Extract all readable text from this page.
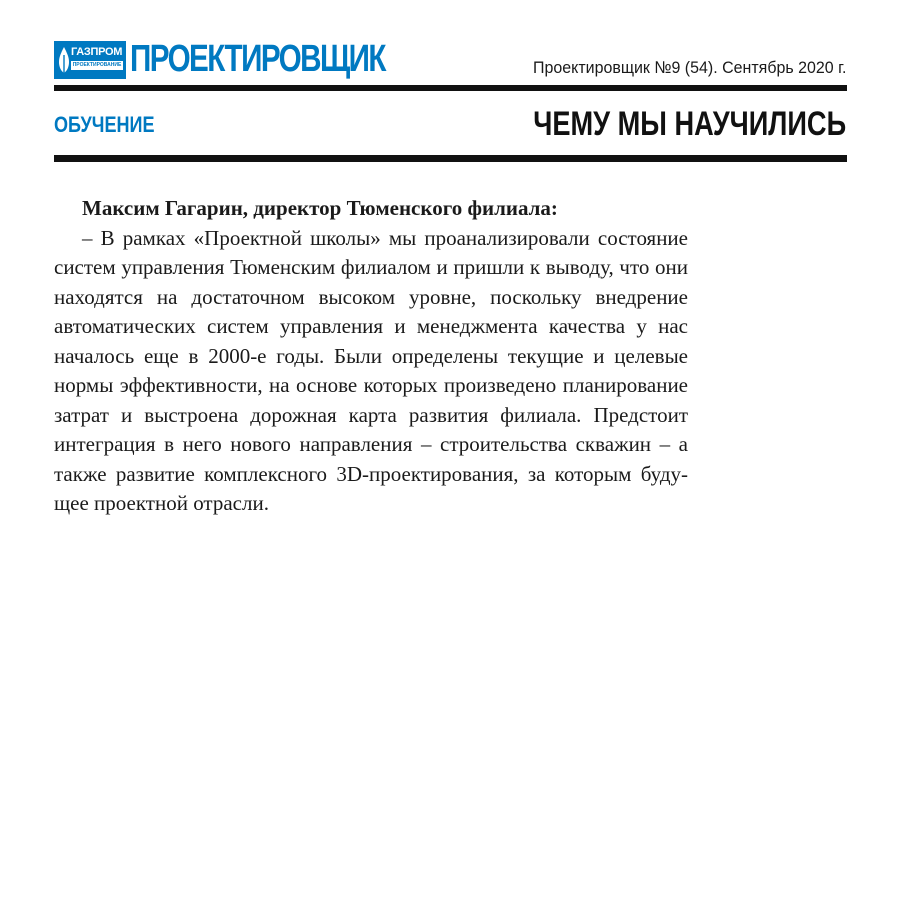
ГАЗПРОМ
ПРОЕКТИРОВАНИЕ ПРОЕКТИРОВЩИК	Проектировщик №9 (54). Сентябрь 2020 г.
ОБУЧЕНИЕ	ЧЕМУ МЫ НАУЧИЛИСЬ

Максим Гагарин, директор Тюменского филиала:

– В рамках «Проектной школы» мы проанализировали состояние систем управления Тюменским филиалом и пришли к выводу, что они находятся на достаточном высоком уровне, поскольку внедрение автоматических систем управления и менеджмента качества у нас началось еще в 2000-е годы. Были определены текущие и целевые нормы эффективности, на основе которых произведено планирование затрат и выстроена дорожная карта развития филиала. Предстоит интеграция в него нового направления – строительства скважин – а также развитие комплексного 3D-проектирования, за которым будущее проектной отрасли.
